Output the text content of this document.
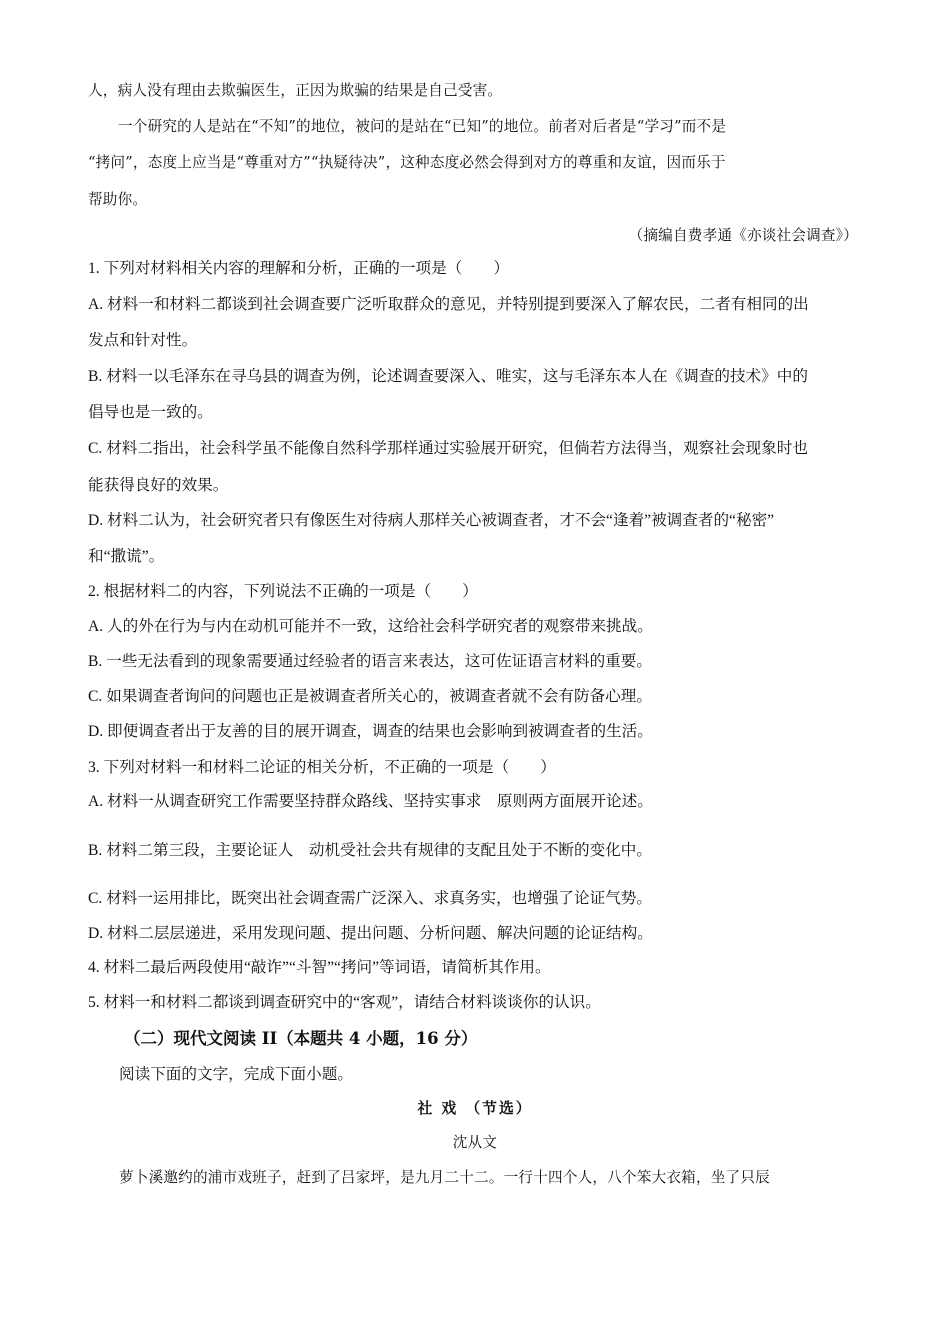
人，病人没有理由去欺骗医生，正因为欺骗的结果是自己受害。
一个研究的人是站在“不知”的地位，被问的是站在“已知”的地位。前者对后者是“学习”而不是
“拷问”，态度上应当是“尊重对方”“执疑待决”，这种态度必然会得到对方的尊重和友谊，因而乐于
帮助你。
（摘编自费孝通《亦谈社会调查》）
1. 下列对材料相关内容的理解和分析，正确的一项是（　　）
A. 材料一和材料二都谈到社会调查要广泛听取群众的意见，并特别提到要深入了解农民，二者有相同的出
发点和针对性。
B. 材料一以毛泽东在寻乌县的调查为例，论述调查要深入、唯实，这与毛泽东本人在《调查的技术》中的
倡导也是一致的。
C. 材料二指出，社会科学虽不能像自然科学那样通过实验展开研究，但倘若方法得当，观察社会现象时也
能获得良好的效果。
D. 材料二认为，社会研究者只有像医生对待病人那样关心被调查者，才不会“逢着”被调查者的“秘密”
和“撒谎”。
2. 根据材料二的内容，下列说法不正确的一项是（　　）
A. 人的外在行为与内在动机可能并不一致，这给社会科学研究者的观察带来挑战。
B. 一些无法看到的现象需要通过经验者的语言来表达，这可佐证语言材料的重要。
C. 如果调查者询问的问题也正是被调查者所关心的，被调查者就不会有防备心理。
D. 即便调查者出于友善的目的展开调查，调查的结果也会影响到被调查者的生活。
3. 下列对材料一和材料二论证的相关分析，不正确的一项是（　　）
A. 材料一从调查研究工作需要坚持群众路线、坚持实事求　原则两方面展开论述。
B. 材料二第三段，主要论证人　动机受社会共有规律的支配且处于不断的变化中。
C. 材料一运用排比，既突出社会调查需广泛深入、求真务实，也增强了论证气势。
D. 材料二层层递进，采用发现问题、提出问题、分析问题、解决问题的论证结构。
4. 材料二最后两段使用“敲诈”“斗智”“拷问”等词语，请简析其作用。
5. 材料一和材料二都谈到调查研究中的“客观”，请结合材料谈谈你的认识。
（二）现代文阅读 II（本题共 4 小题，16 分）
阅读下面的文字，完成下面小题。
社 戏 （节选）
沈从文
萝卜溪邀约的浦市戏班子，赶到了吕家坪，是九月二十二。一行十四个人，八个笨大衣箱，坐了只辰
